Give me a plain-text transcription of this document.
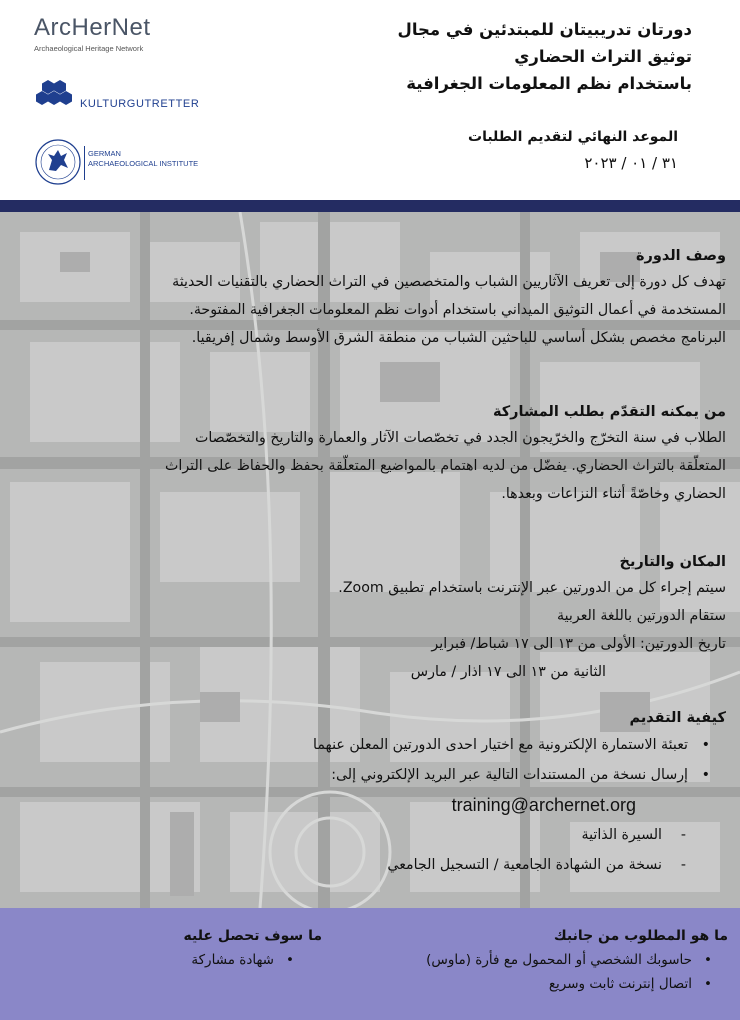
ArcHerNet
Archaeological Heritage Network
KULTURGUTRETTER
GERMAN
ARCHAEOLOGICAL INSTITUTE
دورتان تدريبيتان للمبتدئين في مجال
توثيق التراث الحضاري
باستخدام نظم المعلومات الجغرافية
الموعد النهائي لتقديم الطلبات
٣١ / ٠١ / ٢٠٢٣
وصف الدورة
تهدف كل دورة إلى تعريف الآثاريين الشباب والمتخصصين في التراث الحضاري بالتقنيات الحديثة
المستخدمة في أعمال التوثيق الميداني باستخدام أدوات نظم المعلومات الجغرافية المفتوحة.
البرنامج مخصص بشكل أساسي للباحثين الشباب من منطقة الشرق الأوسط وشمال إفريقيا.
من يمكنه التقدّم بطلب المشاركة
الطلاب في سنة التخرّج والخرّيجون الجدد في تخصّصات الآثار والعمارة والتاريخ والتخصّصات
المتعلّقة بالتراث الحضاري. يفضّل من لديه اهتمام بالمواضيع المتعلّقة بحفظ والحفاظ على التراث
الحضاري وخاصّةً أثناء النزاعات وبعدها.
المكان والتاريخ
سيتم إجراء كل من الدورتين عبر الإنترنت باستخدام تطبيق Zoom.
ستقام الدورتين باللغة العربية
تاريخ الدورتين: الأولى من ١٣ الى ١٧ شباط/ فبراير
الثانية من ١٣ الى ١٧ اذار / مارس
كيفية التقديم
•
تعبئة الاستمارة الإلكترونية مع اختيار احدى الدورتين المعلن عنهما
•
إرسال نسخة من المستندات التالية عبر البريد الإلكتروني إلى:
training@archernet.org
-
السيرة الذاتية
-
نسخة من الشهادة الجامعية / التسجيل الجامعي
ما هو المطلوب من جانبك
•
حاسوبك الشخصي أو المحمول مع فأرة (ماوس)
•
اتصال إنترنت ثابت وسريع
ما سوف تحصل عليه
•
شهادة مشاركة
